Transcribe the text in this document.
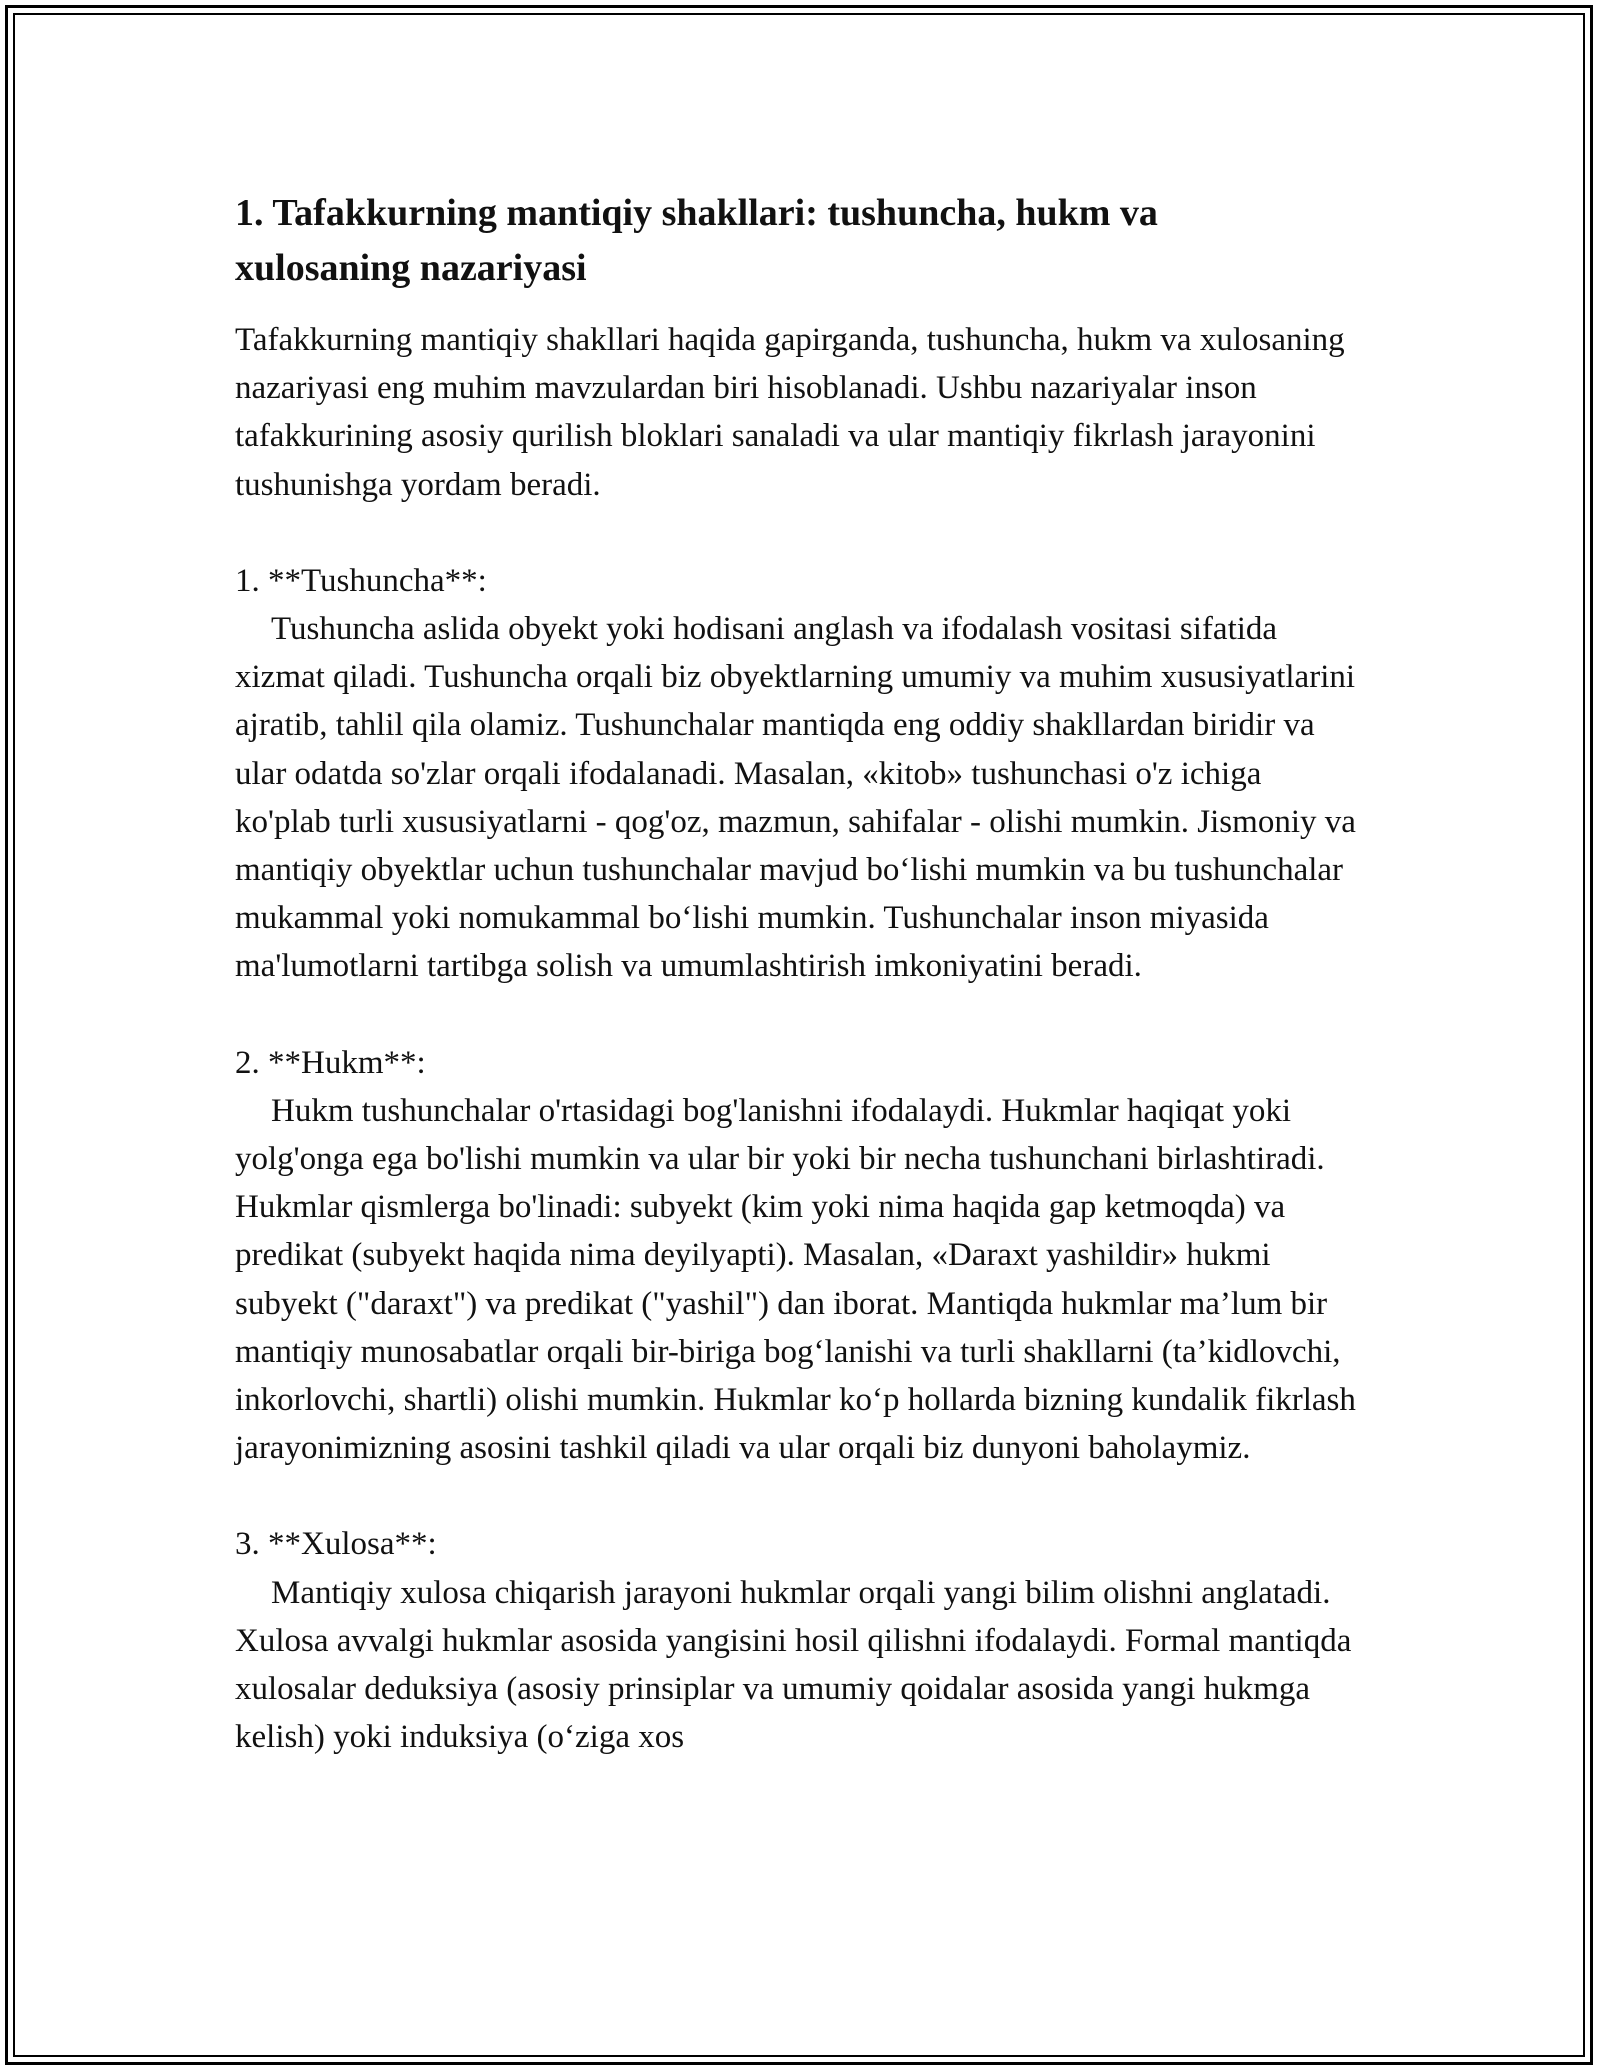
1. Tafakkurning mantiqiy shakllari: tushuncha, hukm va
xulosaning nazariyasi

Tafakkurning mantiqiy shakllari haqida gapirganda, tushuncha, hukm va xulosaning nazariyasi eng muhim mavzulardan biri hisoblanadi. Ushbu nazariyalar inson tafakkurining asosiy qurilish bloklari sanaladi va ular mantiqiy fikrlash jarayonini tushunishga yordam beradi.

1. **Tushuncha**:

Tushuncha aslida obyekt yoki hodisani anglash va ifodalash vositasi sifatida xizmat qiladi. Tushuncha orqali biz obyektlarning umumiy va muhim xususiyatlarini ajratib, tahlil qila olamiz. Tushunchalar mantiqda eng oddiy shakllardan biridir va ular odatda so'zlar orqali ifodalanadi. Masalan, «kitob» tushunchasi o'z ichiga ko'plab turli xususiyatlarni - qog'oz, mazmun, sahifalar - olishi mumkin. Jismoniy va mantiqiy obyektlar uchun tushunchalar mavjud bo‘lishi mumkin va bu tushunchalar mukammal yoki nomukammal bo‘lishi mumkin. Tushunchalar inson miyasida ma'lumotlarni tartibga solish va umumlashtirish imkoniyatini beradi.

2. **Hukm**:

Hukm tushunchalar o'rtasidagi bog'lanishni ifodalaydi. Hukmlar haqiqat yoki yolg'onga ega bo'lishi mumkin va ular bir yoki bir necha tushunchani birlashtiradi. Hukmlar qismlerga bo'linadi: subyekt (kim yoki nima haqida gap ketmoqda) va predikat (subyekt haqida nima deyilyapti). Masalan, «Daraxt yashildir» hukmi subyekt ("daraxt") va predikat ("yashil") dan iborat. Mantiqda hukmlar ma’lum bir mantiqiy munosabatlar orqali bir-biriga bog‘lanishi va turli shakllarni (ta’kidlovchi, inkorlovchi, shartli) olishi mumkin. Hukmlar ko‘p hollarda bizning kundalik fikrlash jarayonimizning asosini tashkil qiladi va ular orqali biz dunyoni baholaymiz.

3. **Xulosa**:

Mantiqiy xulosa chiqarish jarayoni hukmlar orqali yangi bilim olishni anglatadi. Xulosa avvalgi hukmlar asosida yangisini hosil qilishni ifodalaydi. Formal mantiqda xulosalar deduksiya (asosiy prinsiplar va umumiy qoidalar asosida yangi hukmga kelish) yoki induksiya (o‘ziga xos
